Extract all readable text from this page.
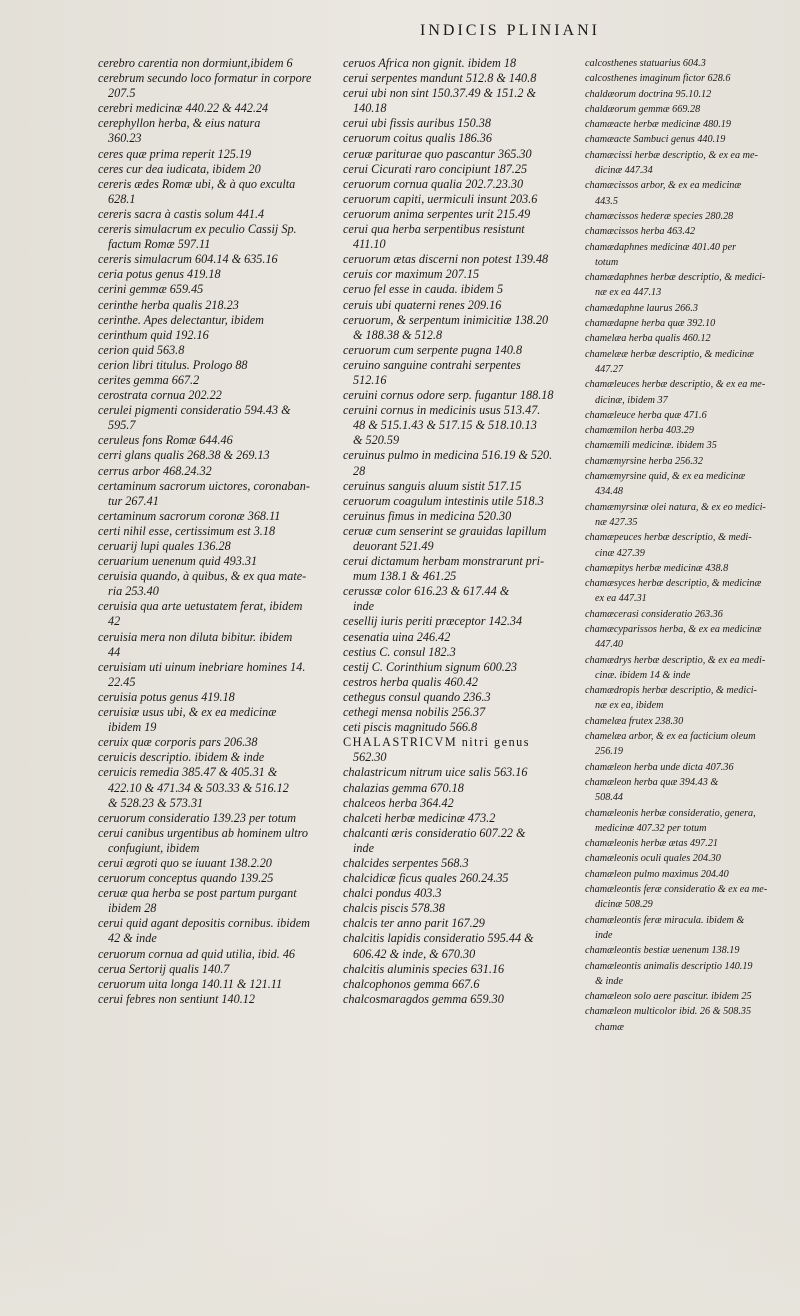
INDICIS PLINIANI
cerebro carentia non dormiunt,ibidem 6
cerebrum secundo loco formatur in corpore
207.5
cerebri medicinæ 440.22 & 442.24
cerephyllon herba, & eius natura
360.23
ceres quæ prima reperit 125.19
ceres cur dea iudicata, ibidem 20
cereris ædes Romæ ubi, & à quo exculta
628.1
cereris sacra à castis solum 441.4
cereris simulacrum ex peculio Cassij Sp.
factum Romæ 597.11
cereris simulacrum 604.14 & 635.16
ceria potus genus 419.18
cerini gemmæ 659.45
cerinthe herba qualis 218.23
cerinthe. Apes delectantur, ibidem
cerinthum quid 192.16
cerion quid 563.8
cerion libri titulus. Prologo 88
cerites gemma 667.2
cerostrata cornua 202.22
cerulei pigmenti consideratio 594.43 &
595.7
ceruleus fons Romæ 644.46
cerri glans qualis 268.38 & 269.13
cerrus arbor 468.24.32
certaminum sacrorum uictores, coronaban-
tur 267.41
certaminum sacrorum coronæ 368.11
certi nihil esse, certissimum est 3.18
ceruarij lupi quales 136.28
ceruarium uenenum quid 493.31
ceruisia quando, à quibus, & ex qua mate-
ria 253.40
ceruisia qua arte uetustatem ferat, ibidem
42
ceruisia mera non diluta bibitur. ibidem
44
ceruisiam uti uinum inebriare homines 14.
22.45
ceruisia potus genus 419.18
ceruisiæ usus ubi, & ex ea medicinæ
ibidem 19
ceruix quæ corporis pars 206.38
ceruicis descriptio. ibidem & inde
ceruicis remedia 385.47 & 405.31 &
422.10 & 471.34 & 503.33 & 516.12
& 528.23 & 573.31
ceruorum consideratio 139.23 per totum
cerui canibus urgentibus ab hominem ultro
confugiunt, ibidem
cerui ægroti quo se iuuant 138.2.20
ceruorum conceptus quando 139.25
ceruæ qua herba se post partum purgant
ibidem 28
cerui quid agant depositis cornibus. ibidem
42 & inde
ceruorum cornua ad quid utilia, ibid. 46
cerua Sertorij qualis 140.7
ceruorum uita longa 140.11 & 121.11
cerui febres non sentiunt 140.12
ceruos Africa non gignit. ibidem 18
cerui serpentes mandunt 512.8 & 140.8
cerui ubi non sint 150.37.49 & 151.2 &
140.18
cerui ubi fissis auribus 150.38
ceruorum coitus qualis 186.36
ceruæ pariturae quo pascantur 365.30
cerui Cicurati raro concipiunt 187.25
ceruorum cornua qualia 202.7.23.30
ceruorum capiti, uermiculi insunt 203.6
ceruorum anima serpentes urit 215.49
cerui qua herba serpentibus resistunt
411.10
ceruorum ætas discerni non potest 139.48
ceruis cor maximum 207.15
ceruo fel esse in cauda. ibidem 5
ceruis ubi quaterni renes 209.16
ceruorum, & serpentum inimicitiæ 138.20
& 188.38 & 512.8
ceruorum cum serpente pugna 140.8
ceruino sanguine contrahi serpentes
512.16
ceruini cornus odore serp. fugantur 188.18
ceruini cornus in medicinis usus 513.47.
48 & 515.1.43 & 517.15 & 518.10.13
& 520.59
ceruinus pulmo in medicina 516.19 & 520.
28
ceruinus sanguis aluum sistit 517.15
ceruorum coagulum intestinis utile 518.3
ceruinus fimus in medicina 520.30
ceruæ cum senserint se grauidas lapillum
deuorant 521.49
cerui dictamum herbam monstrarunt pri-
mum 138.1 & 461.25
cerussæ color 616.23 & 617.44 &
inde
cesellij iuris periti præceptor 142.34
cesenatia uina 246.42
cestius C. consul 182.3
cestij C. Corinthium signum 600.23
cestros herba qualis 460.42
cethegus consul quando 236.3
cethegi mensa nobilis 256.37
ceti piscis magnitudo 566.8
CHALASTRICVM nitri genus
562.30
chalastricum nitrum uice salis 563.16
chalazias gemma 670.18
chalceos herba 364.42
chalceti herbæ medicinæ 473.2
chalcanti æris consideratio 607.22 &
inde
chalcides serpentes 568.3
chalcidicæ ficus quales 260.24.35
chalci pondus 403.3
chalcis piscis 578.38
chalcis ter anno parit 167.29
chalcitis lapidis consideratio 595.44 &
606.42 & inde, & 670.30
chalcitis aluminis species 631.16
chalcophonos gemma 667.6
chalcosmaragdos gemma 659.30
calcosthenes statuarius 604.3
calcosthenes imaginum fictor 628.6
chaldæorum doctrina 95.10.12
chaldæorum gemmæ 669.28
chamæacte herbæ medicinæ 480.19
chamæacte Sambuci genus 440.19
chamæcissi herbæ descriptio, & ex ea me-
dicinæ 447.34
chamæcissos arbor, & ex ea medicinæ
443.5
chamæcissos hederæ species 280.28
chamæcissos herba 463.42
chamædaphnes medicinæ 401.40 per
totum
chamædaphnes herbæ descriptio, & medici-
næ ex ea 447.13
chamædaphne laurus 266.3
chamædapne herba quæ 392.10
chamelæa herba qualis 460.12
chamelææ herbæ descriptio, & medicinæ
447.27
chamæleuces herbæ descriptio, & ex ea me-
dicinæ, ibidem 37
chamæleuce herba quæ 471.6
chamæmilon herba 403.29
chamæmili medicinæ. ibidem 35
chamæmyrsine herba 256.32
chamæmyrsine quid, & ex ea medicinæ
434.48
chamæmyrsinæ olei natura, & ex eo medici-
næ 427.35
chamæpeuces herbæ descriptio, & medi-
cinæ 427.39
chamæpitys herbæ medicinæ 438.8
chamæsyces herbæ descriptio, & medicinæ
ex ea 447.31
chamæcerasi consideratio 263.36
chamæcyparissos herba, & ex ea medicinæ
447.40
chamædrys herbæ descriptio, & ex ea medi-
cinæ. ibidem 14 & inde
chamædropis herbæ descriptio, & medici-
næ ex ea, ibidem
chamelæa frutex 238.30
chamelæa arbor, & ex ea facticium oleum
256.19
chamæleon herba unde dicta 407.36
chamæleon herba quæ 394.43 &
508.44
chamæleonis herbæ consideratio, genera,
medicinæ 407.32 per totum
chamæleonis herbæ ætas 497.21
chamæleonis oculi quales 204.30
chamæleon pulmo maximus 204.40
chamæleontis feræ consideratio & ex ea me-
dicinæ 508.29
chamæleontis feræ miracula. ibidem &
inde
chamæleontis bestiæ uenenum 138.19
chamæleontis animalis descriptio 140.19
& inde
chamæleon solo aere pascitur. ibidem 25
chamæleon multicolor ibid. 26 & 508.35
chamæ
